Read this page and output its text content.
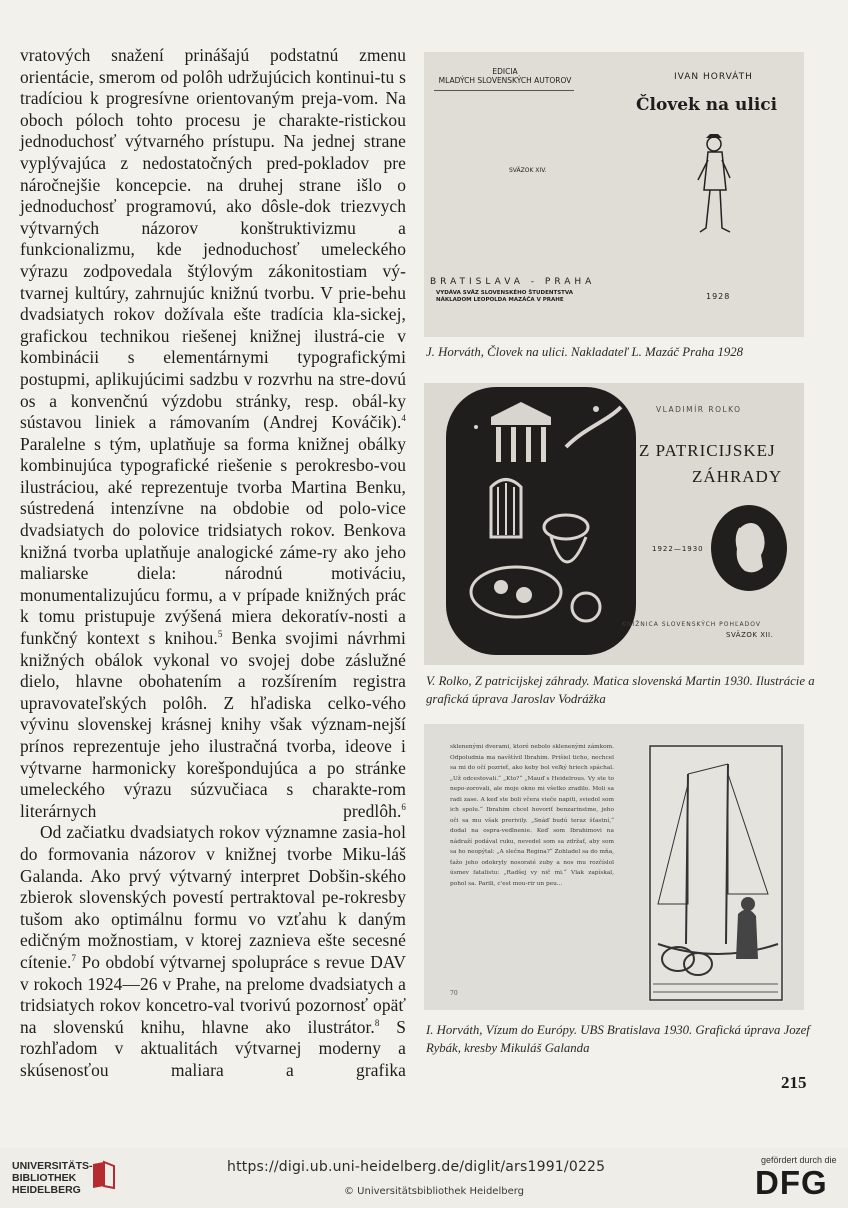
vratových snažení prinášajú podstatnú zmenu orientácie, smerom od polôh udržujúcich kontinui-tu s tradíciou k progresívne orientovaným preja-vom. Na oboch póloch tohto procesu je charakte-ristickou jednoduchosť výtvarného prístupu. Na jednej strane vyplývajúca z nedostatočných pred-pokladov pre náročnejšie koncepcie. na druhej strane išlo o jednoduchosť programovú, ako dôsle-dok triezvych výtvarných názorov konštruktivizmu a funkcionalizmu, kde jednoduchosť umeleckého výrazu zodpovedala štýlovým zákonitostiam vý-tvarnej kultúry, zahrnujúc knižnú tvorbu. V prie-behu dvadsiatych rokov dožívala ešte tradícia kla-sickej, grafickou technikou riešenej knižnej ilustrá-cie v kombinácii s elementárnymi typografickými postupmi, aplikujúcimi sadzbu v rozvrhu na stre-dovú os a konvenčnú výzdobu stránky, resp. obál-ky sústavou liniek a rámovaním (Andrej Kováčik).$^4$

Paralelne s tým, uplatňuje sa forma knižnej obálky kombinujúca typografické riešenie s perokresbo-vou ilustráciou, aké reprezentuje tvorba Martina Benku, sústredená intenzívne na obdobie od polo-vice dvadsiatych do polovice tridsiatych rokov. Benkova knižná tvorba uplatňuje analogické záme-ry ako jeho maliarske diela: národnú motiváciu, monumentalizujúcu formu, a v prípade knižných prác k tomu pristupuje zvýšená miera dekoratív-nosti a funkčný kontext s knihou.$^5$ Benka svojimi návrhmi knižných obálok vykonal vo svojej dobe záslužné dielo, hlavne obohatením a rozšírením registra upravovateľských polôh. Z hľadiska celko-vého vývinu slovenskej krásnej knihy však význam-nejší prínos reprezentuje jeho ilustračná tvorba, ideove i výtvarne harmonicky korešpondujúca a po stránke umeleckého výrazu súzvučiaca s charakte-rom literárnych predlôh.$^6$

Od začiatku dvadsiatych rokov významne zasia-hol do formovania názorov v knižnej tvorbe Miku-láš Galanda. Ako prvý výtvarný interpret Dobšin-ského zbierok slovenských povestí pertraktoval pe-rokresby tušom ako optimálnu formu vo vzťahu k daným edičným možnostiam, v ktorej zaznieva ešte secesné cítenie.$^7$ Po období výtvarnej spolupráce s revue DAV v rokoch 1924—26 v Prahe, na prelome dvadsiatych a tridsiatych rokov koncetro-val tvorivú pozornosť opäť na slovenskú knihu, hlavne ako ilustrátor.$^8$ S rozhľadom v aktualitách výtvarnej moderny a skúsenosťou maliara a grafika

EDICIA
MLADÝCH SLOVENSKÝCH AUTOROV	IVAN HORVÁTH
Človek na ulici
SVÄZOK XIV.
BRATISLAVA - PRAHA
VYDÁVA SVÄZ SLOVENSKÉHO ŠTUDENTSTVA NÁKLADOM LEOPOLDA MAZÁČA V PRAHE	1928
J. Horváth, Človek na ulici. Nakladateľ L. Mazáč Praha 1928
VLADIMÍR ROLKO
Z PATRICIJSKEJ
ZÁHRADY
1922—1930
KNIŽNICA SLOVENSKÝCH POHĽADOV
SVÄZOK XII.
V. Rolko, Z patricijskej záhrady. Matica slovenská Martin 1930. Ilustrácie a grafická úprava Jaroslav Vodrážka
sklenenými dverami, ktoré nebolo sklenenými zámkom. Odpoludnia ma navštívil Ibrahim. Prišiel ticho, nechcel sa mi do očí pozrieť, ako keby bol veľký hriech spáchal. „Už odcestovali.“ „Kto?“ „Mauď s Heidelrous. Vy ste to nepo-zorovali, ale moje okno mi všetko zradilo. Moli sa radi zase. A keď ste boli včera vieče napiti, sviedol som ich spolu.“ Ibrahim chcel hovoriť benzarinstme, jeho oči sa mu však prerivily. „Snáď budú teraz šťastní,“ dodal na ospra-vedlnenie. Keď som Ibrahimovi na nádraží podával ruku, nevedel som sa zdržať, aby som sa ho neopýtal: „A slečna Regina?“ Zohladel sa do mňa, ťažo jeho odokryly nosoraté zuby a nos mu rozčíslol úsmev fatalistu: „Radšej vy nič mi.“ Vlak zapískal, pohol sa. Parili, c'est mou-rir un peu...
70
I. Horváth, Vízum do Európy. UBS Bratislava 1930. Grafická úprava Jozef Rybák, kresby Mikuláš Galanda
215
UNIVERSITÄTS-
BIBLIOTHEK
HEIDELBERG
https://digi.ub.uni-heidelberg.de/diglit/ars1991/0225
© Universitätsbibliothek Heidelberg
gefördert durch die
DFG
